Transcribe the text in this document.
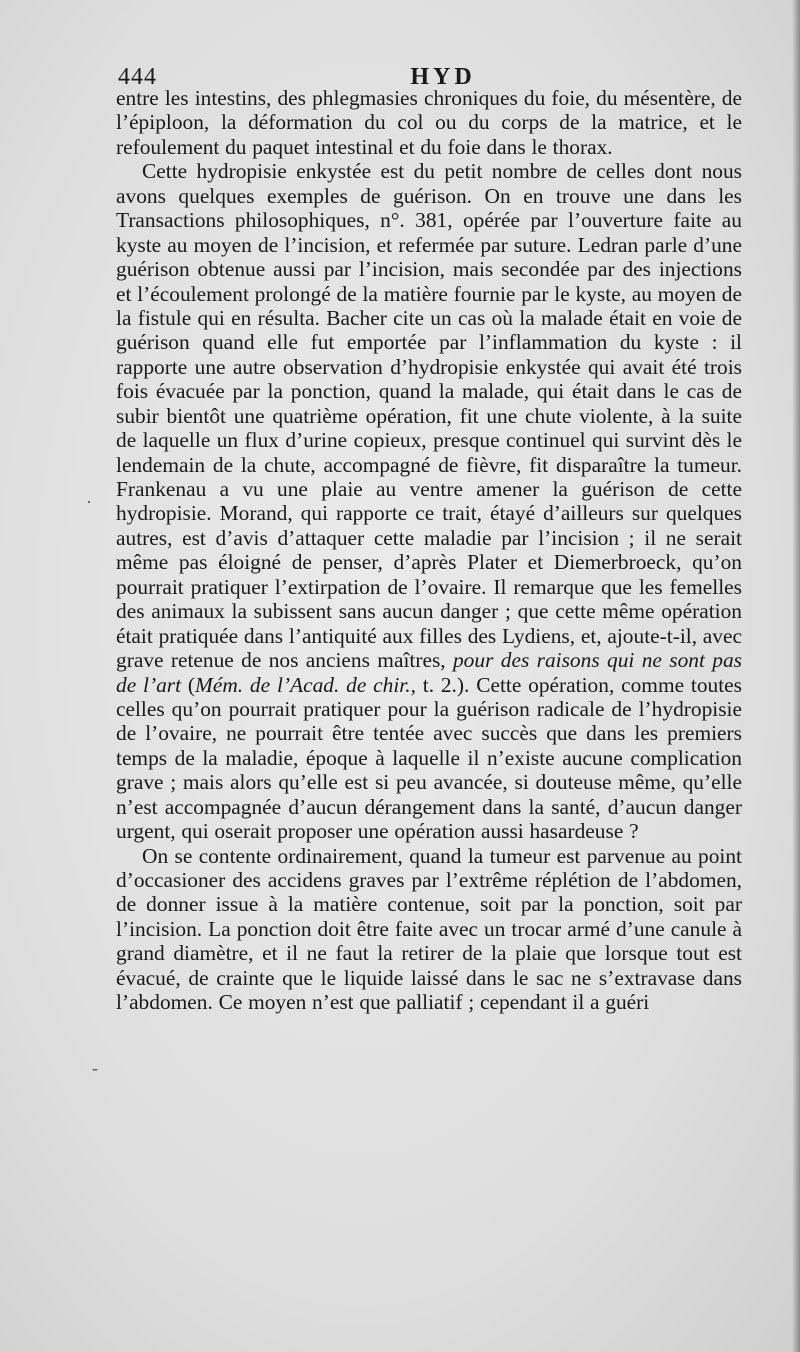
444	HYD
·
-

entre les intestins, des phlegmasies chroniques du foie, du mésentère, de l’épiploon, la déformation du col ou du corps de la matrice, et le refoulement du paquet intestinal et du foie dans le thorax.

Cette hydropisie enkystée est du petit nombre de celles dont nous avons quelques exemples de guérison. On en trouve une dans les Transactions philosophiques, n°. 381, opérée par l’ouverture faite au kyste au moyen de l’incision, et refermée par suture. Ledran parle d’une guérison obtenue aussi par l’incision, mais secondée par des injections et l’écoulement prolongé de la matière fournie par le kyste, au moyen de la fistule qui en résulta. Bacher cite un cas où la malade était en voie de guérison quand elle fut emportée par l’inflammation du kyste : il rapporte une autre observation d’hydropisie enkystée qui avait été trois fois évacuée par la ponction, quand la malade, qui était dans le cas de subir bientôt une quatrième opération, fit une chute violente, à la suite de laquelle un flux d’urine copieux, presque continuel qui survint dès le lendemain de la chute, accompagné de fièvre, fit disparaître la tumeur. Frankenau a vu une plaie au ventre amener la guérison de cette hydropisie. Morand, qui rapporte ce trait, étayé d’ailleurs sur quelques autres, est d’avis d’attaquer cette maladie par l’incision ; il ne serait même pas éloigné de penser, d’après Plater et Diemerbroeck, qu’on pourrait pratiquer l’extirpation de l’ovaire. Il remarque que les femelles des animaux la subissent sans aucun danger ; que cette même opération était pratiquée dans l’antiquité aux filles des Lydiens, et, ajoute-t-il, avec grave retenue de nos anciens maîtres, pour des raisons qui ne sont pas de l’art (Mém. de l’Acad. de chir., t. 2.). Cette opération, comme toutes celles qu’on pourrait pratiquer pour la guérison radicale de l’hydropisie de l’ovaire, ne pourrait être tentée avec succès que dans les premiers temps de la maladie, époque à laquelle il n’existe aucune complication grave ; mais alors qu’elle est si peu avancée, si douteuse même, qu’elle n’est accompagnée d’aucun dérangement dans la santé, d’aucun danger urgent, qui oserait proposer une opération aussi hasardeuse ?

On se contente ordinairement, quand la tumeur est parvenue au point d’occasioner des accidens graves par l’extrême réplétion de l’abdomen, de donner issue à la matière contenue, soit par la ponction, soit par l’incision. La ponction doit être faite avec un trocar armé d’une canule à grand diamètre, et il ne faut la retirer de la plaie que lorsque tout est évacué, de crainte que le liquide laissé dans le sac ne s’extravase dans l’abdomen. Ce moyen n’est que palliatif ; cependant il a guéri
